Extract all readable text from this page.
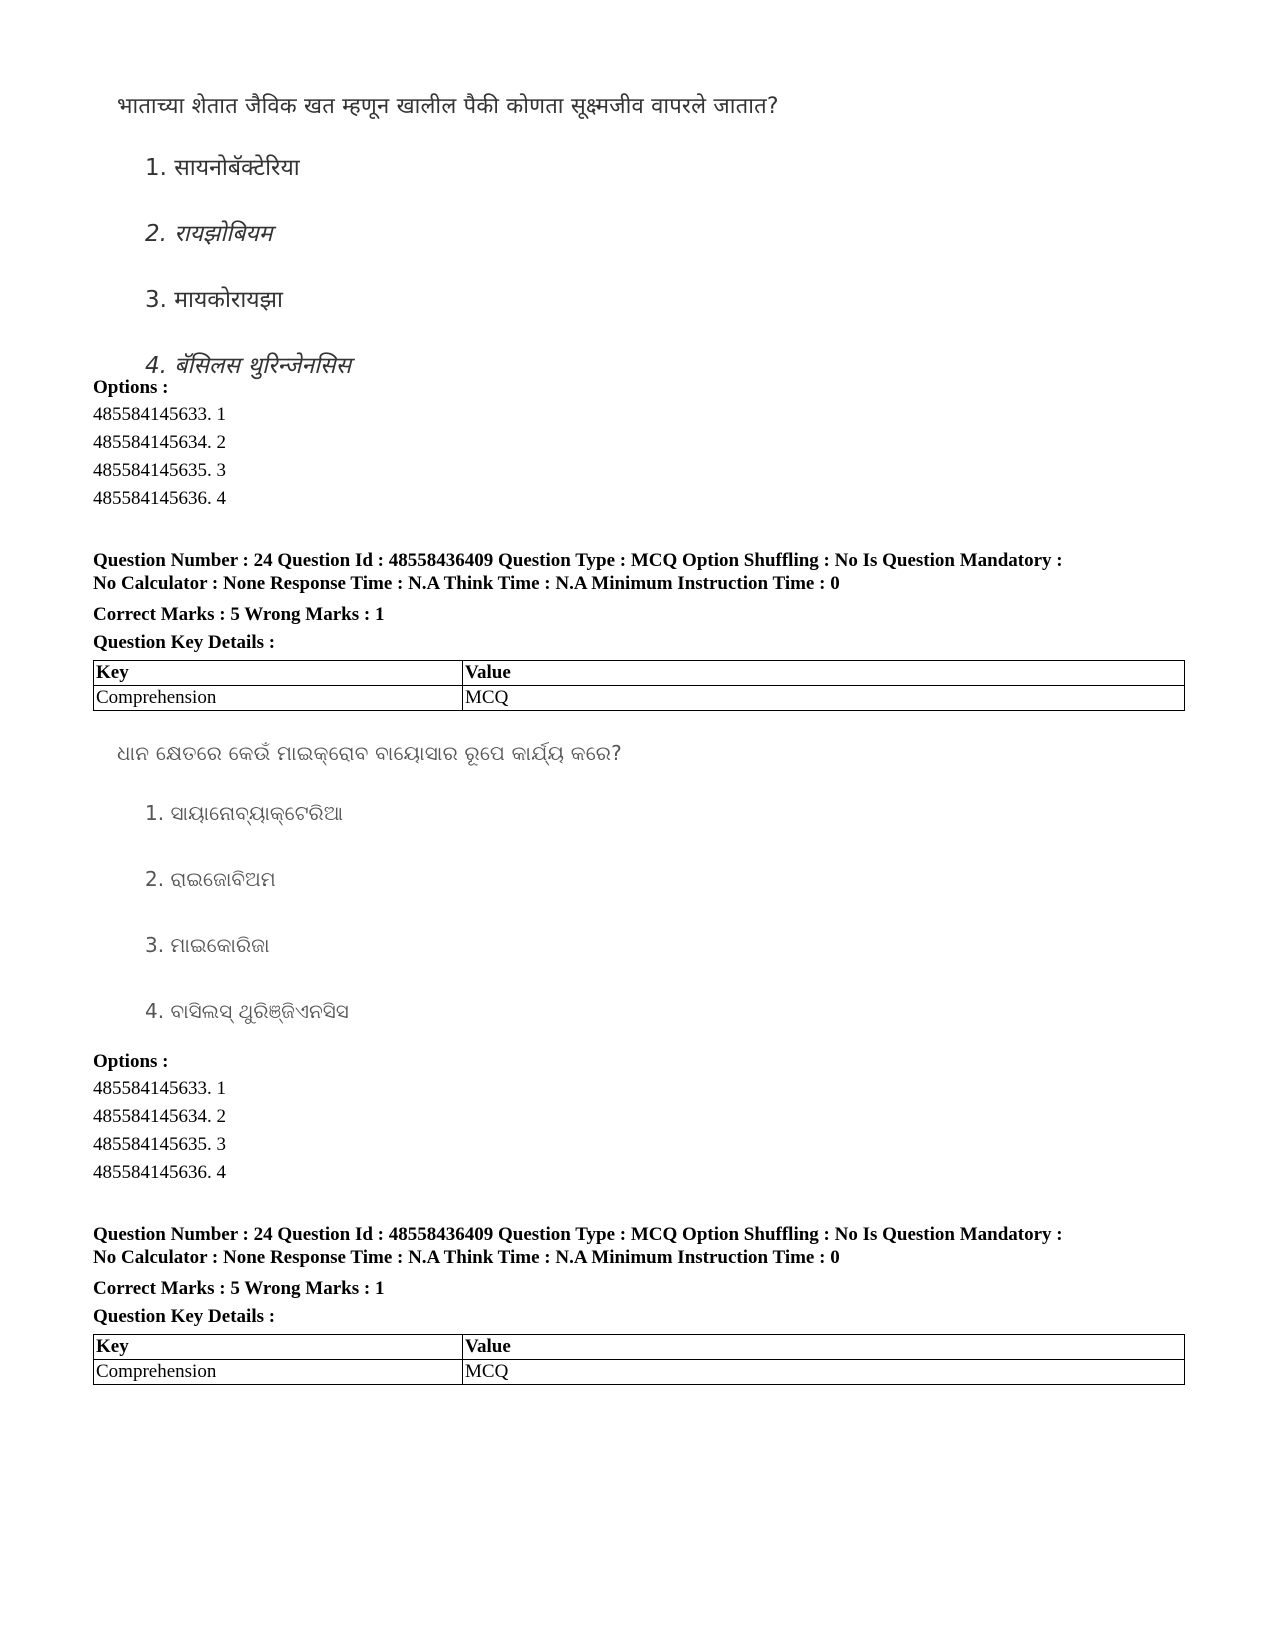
भाताच्या शेतात जैविक खत म्हणून खालील पैकी कोणता सूक्ष्मजीव वापरले जातात?
1. सायनोबॅक्टेरिया
2. रायझोबियम
3. मायकोरायझा
4. बॅसिलस थुरिन्जेनसिस
Options :
485584145633. 1
485584145634. 2
485584145635. 3
485584145636. 4
Question Number : 24 Question Id : 48558436409 Question Type : MCQ Option Shuffling : No Is Question Mandatory :
No Calculator : None Response Time : N.A Think Time : N.A Minimum Instruction Time : 0
Correct Marks : 5 Wrong Marks : 1
Question Key Details :
Key	Value
Comprehension	MCQ
ଧାନ କ୍ଷେତରେ କେଉଁ ମାଇକ୍ରୋବ ବାୟୋସାର ରୂପେ କାର୍ଯ୍ୟ କରେ?
1. ସାୟାନୋବ୍ୟାକ୍ଟେରିଆ
2. ରାଇଜୋବିଅମ
3. ମାଇକୋରିଜା
4. ବାସିଲସ୍ ଥୁରିଞ୍ଜିଏନସିସ
Options :
485584145633. 1
485584145634. 2
485584145635. 3
485584145636. 4
Question Number : 24 Question Id : 48558436409 Question Type : MCQ Option Shuffling : No Is Question Mandatory :
No Calculator : None Response Time : N.A Think Time : N.A Minimum Instruction Time : 0
Correct Marks : 5 Wrong Marks : 1
Question Key Details :
Key	Value
Comprehension	MCQ
